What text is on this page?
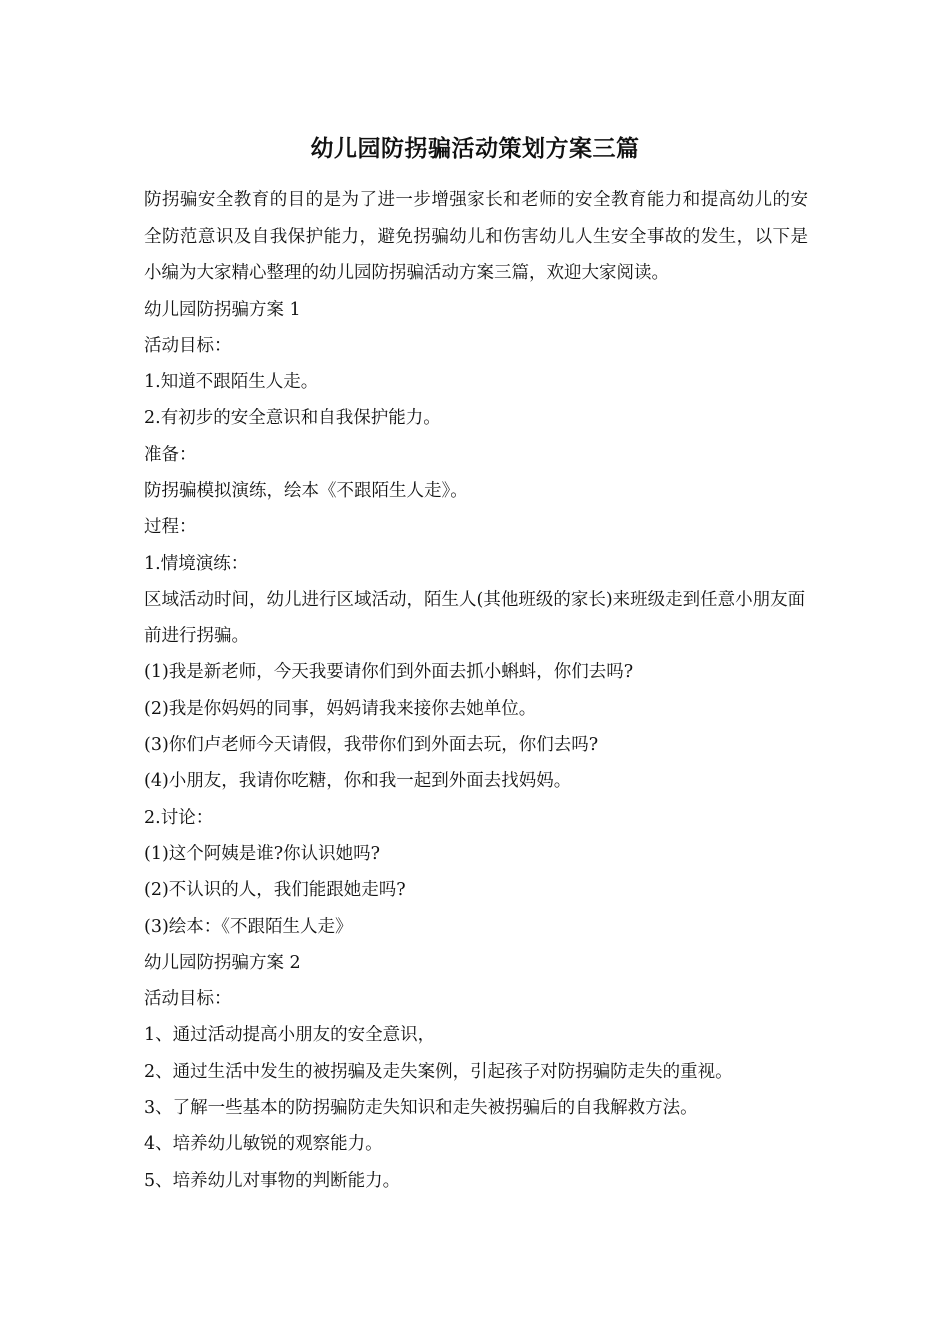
幼儿园防拐骗活动策划方案三篇

防拐骗安全教育的目的是为了进一步增强家长和老师的安全教育能力和提高幼儿的安全防范意识及自我保护能力，避免拐骗幼儿和伤害幼儿人生安全事故的发生，以下是小编为大家精心整理的幼儿园防拐骗活动方案三篇，欢迎大家阅读。

幼儿园防拐骗方案 1

活动目标：

1.知道不跟陌生人走。

2.有初步的安全意识和自我保护能力。

准备：

防拐骗模拟演练，绘本《不跟陌生人走》。

过程：

1.情境演练：

区域活动时间，幼儿进行区域活动，陌生人(其他班级的家长)来班级走到任意小朋友面前进行拐骗。

(1)我是新老师，今天我要请你们到外面去抓小蝌蚪，你们去吗?

(2)我是你妈妈的同事，妈妈请我来接你去她单位。

(3)你们卢老师今天请假，我带你们到外面去玩，你们去吗?

(4)小朋友，我请你吃糖，你和我一起到外面去找妈妈。

2.讨论：

(1)这个阿姨是谁?你认识她吗?

(2)不认识的人，我们能跟她走吗?

(3)绘本：《不跟陌生人走》

幼儿园防拐骗方案 2

活动目标：

1、通过活动提高小朋友的安全意识，

2、通过生活中发生的被拐骗及走失案例，引起孩子对防拐骗防走失的重视。

3、了解一些基本的防拐骗防走失知识和走失被拐骗后的自我解救方法。

4、培养幼儿敏锐的观察能力。

5、培养幼儿对事物的判断能力。
